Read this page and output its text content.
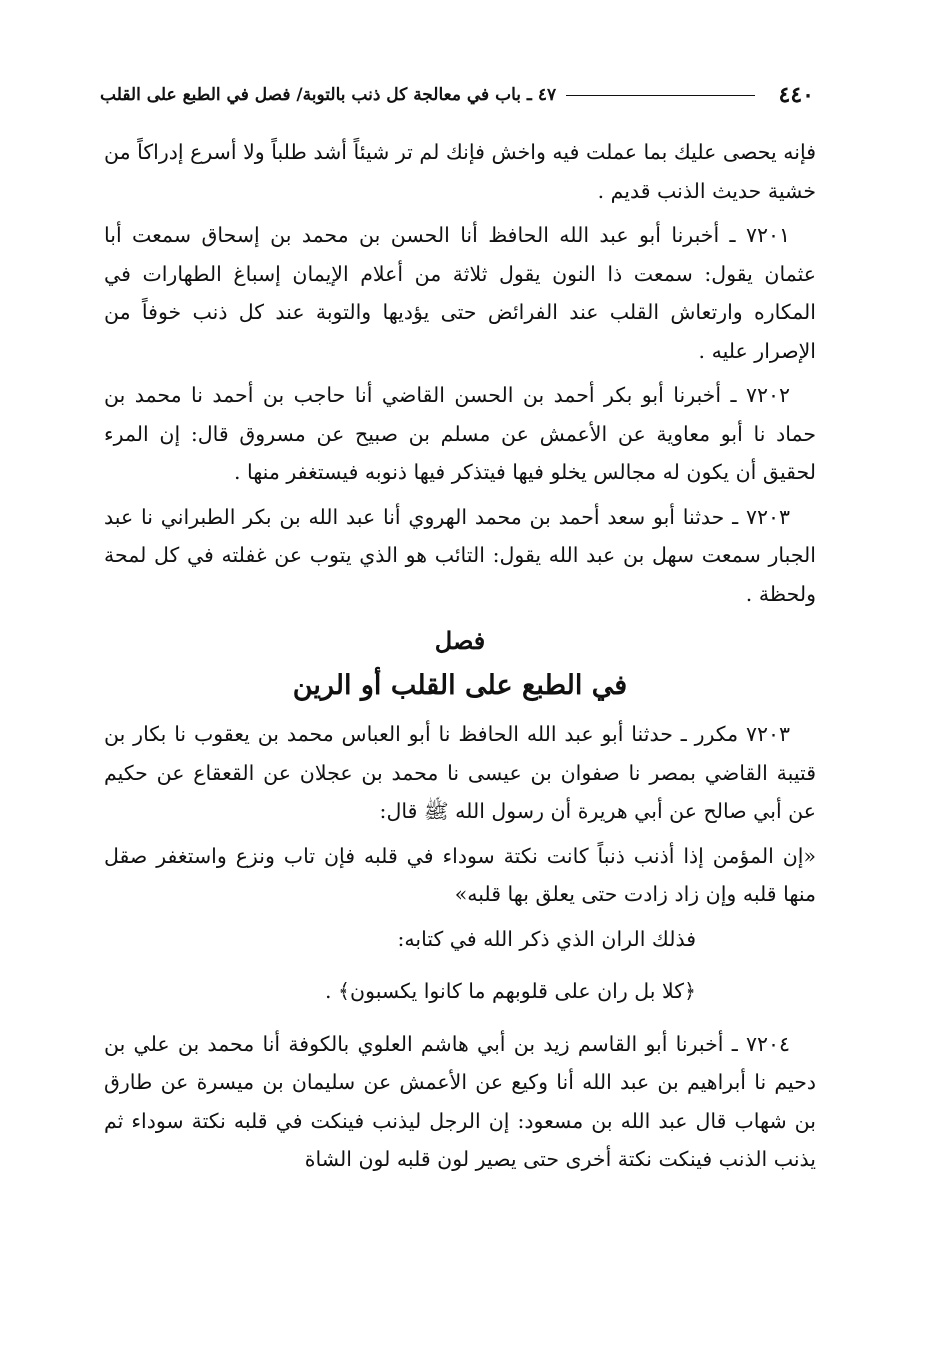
٤٤٠
٤٧ ـ باب في معالجة كل ذنب بالتوبة/ فصل في الطبع على القلب

فإنه يحصى عليك بما عملت فيه واخش فإنك لم تر شيئاً أشد طلباً ولا أسرع إدراكاً من خشية حديث الذنب قديم .

٧٢٠١ ـ أخبرنا أبو عبد الله الحافظ أنا الحسن بن محمد بن إسحاق سمعت أبا عثمان يقول: سمعت ذا النون يقول ثلاثة من أعلام الإيمان إسباغ الطهارات في المكاره وارتعاش القلب عند الفرائض حتى يؤديها والتوبة عند كل ذنب خوفاً من الإصرار عليه .

٧٢٠٢ ـ أخبرنا أبو بكر أحمد بن الحسن القاضي أنا حاجب بن أحمد نا محمد بن حماد نا أبو معاوية عن الأعمش عن مسلم بن صبيح عن مسروق قال: إن المرء لحقيق أن يكون له مجالس يخلو فيها فيتذكر فيها ذنوبه فيستغفر منها .

٧٢٠٣ ـ حدثنا أبو سعد أحمد بن محمد الهروي أنا عبد الله بن بكر الطبراني نا عبد الجبار سمعت سهل بن عبد الله يقول: التائب هو الذي يتوب عن غفلته في كل لمحة ولحظة .

فصل
في الطبع على القلب أو الرين

٧٢٠٣ مكرر ـ حدثنا أبو عبد الله الحافظ نا أبو العباس محمد بن يعقوب نا بكار بن قتيبة القاضي بمصر نا صفوان بن عيسى نا محمد بن عجلان عن القعقاع عن حكيم عن أبي صالح عن أبي هريرة أن رسول الله ﷺ قال:

«إن المؤمن إذا أذنب ذنباً كانت نكتة سوداء في قلبه فإن تاب ونزع واستغفر صقل منها قلبه وإن زاد زادت حتى يعلق بها قلبه»

فذلك الران الذي ذكر الله في كتابه:

﴿كلا بل ران على قلوبهم ما كانوا يكسبون﴾ .

٧٢٠٤ ـ أخبرنا أبو القاسم زيد بن أبي هاشم العلوي بالكوفة أنا محمد بن علي بن دحيم نا أبراهيم بن عبد الله أنا وكيع عن الأعمش عن سليمان بن ميسرة عن طارق بن شهاب قال عبد الله بن مسعود: إن الرجل ليذنب فينكت في قلبه نكتة سوداء ثم يذنب الذنب فينكت نكتة أخرى حتى يصير لون قلبه لون الشاة
